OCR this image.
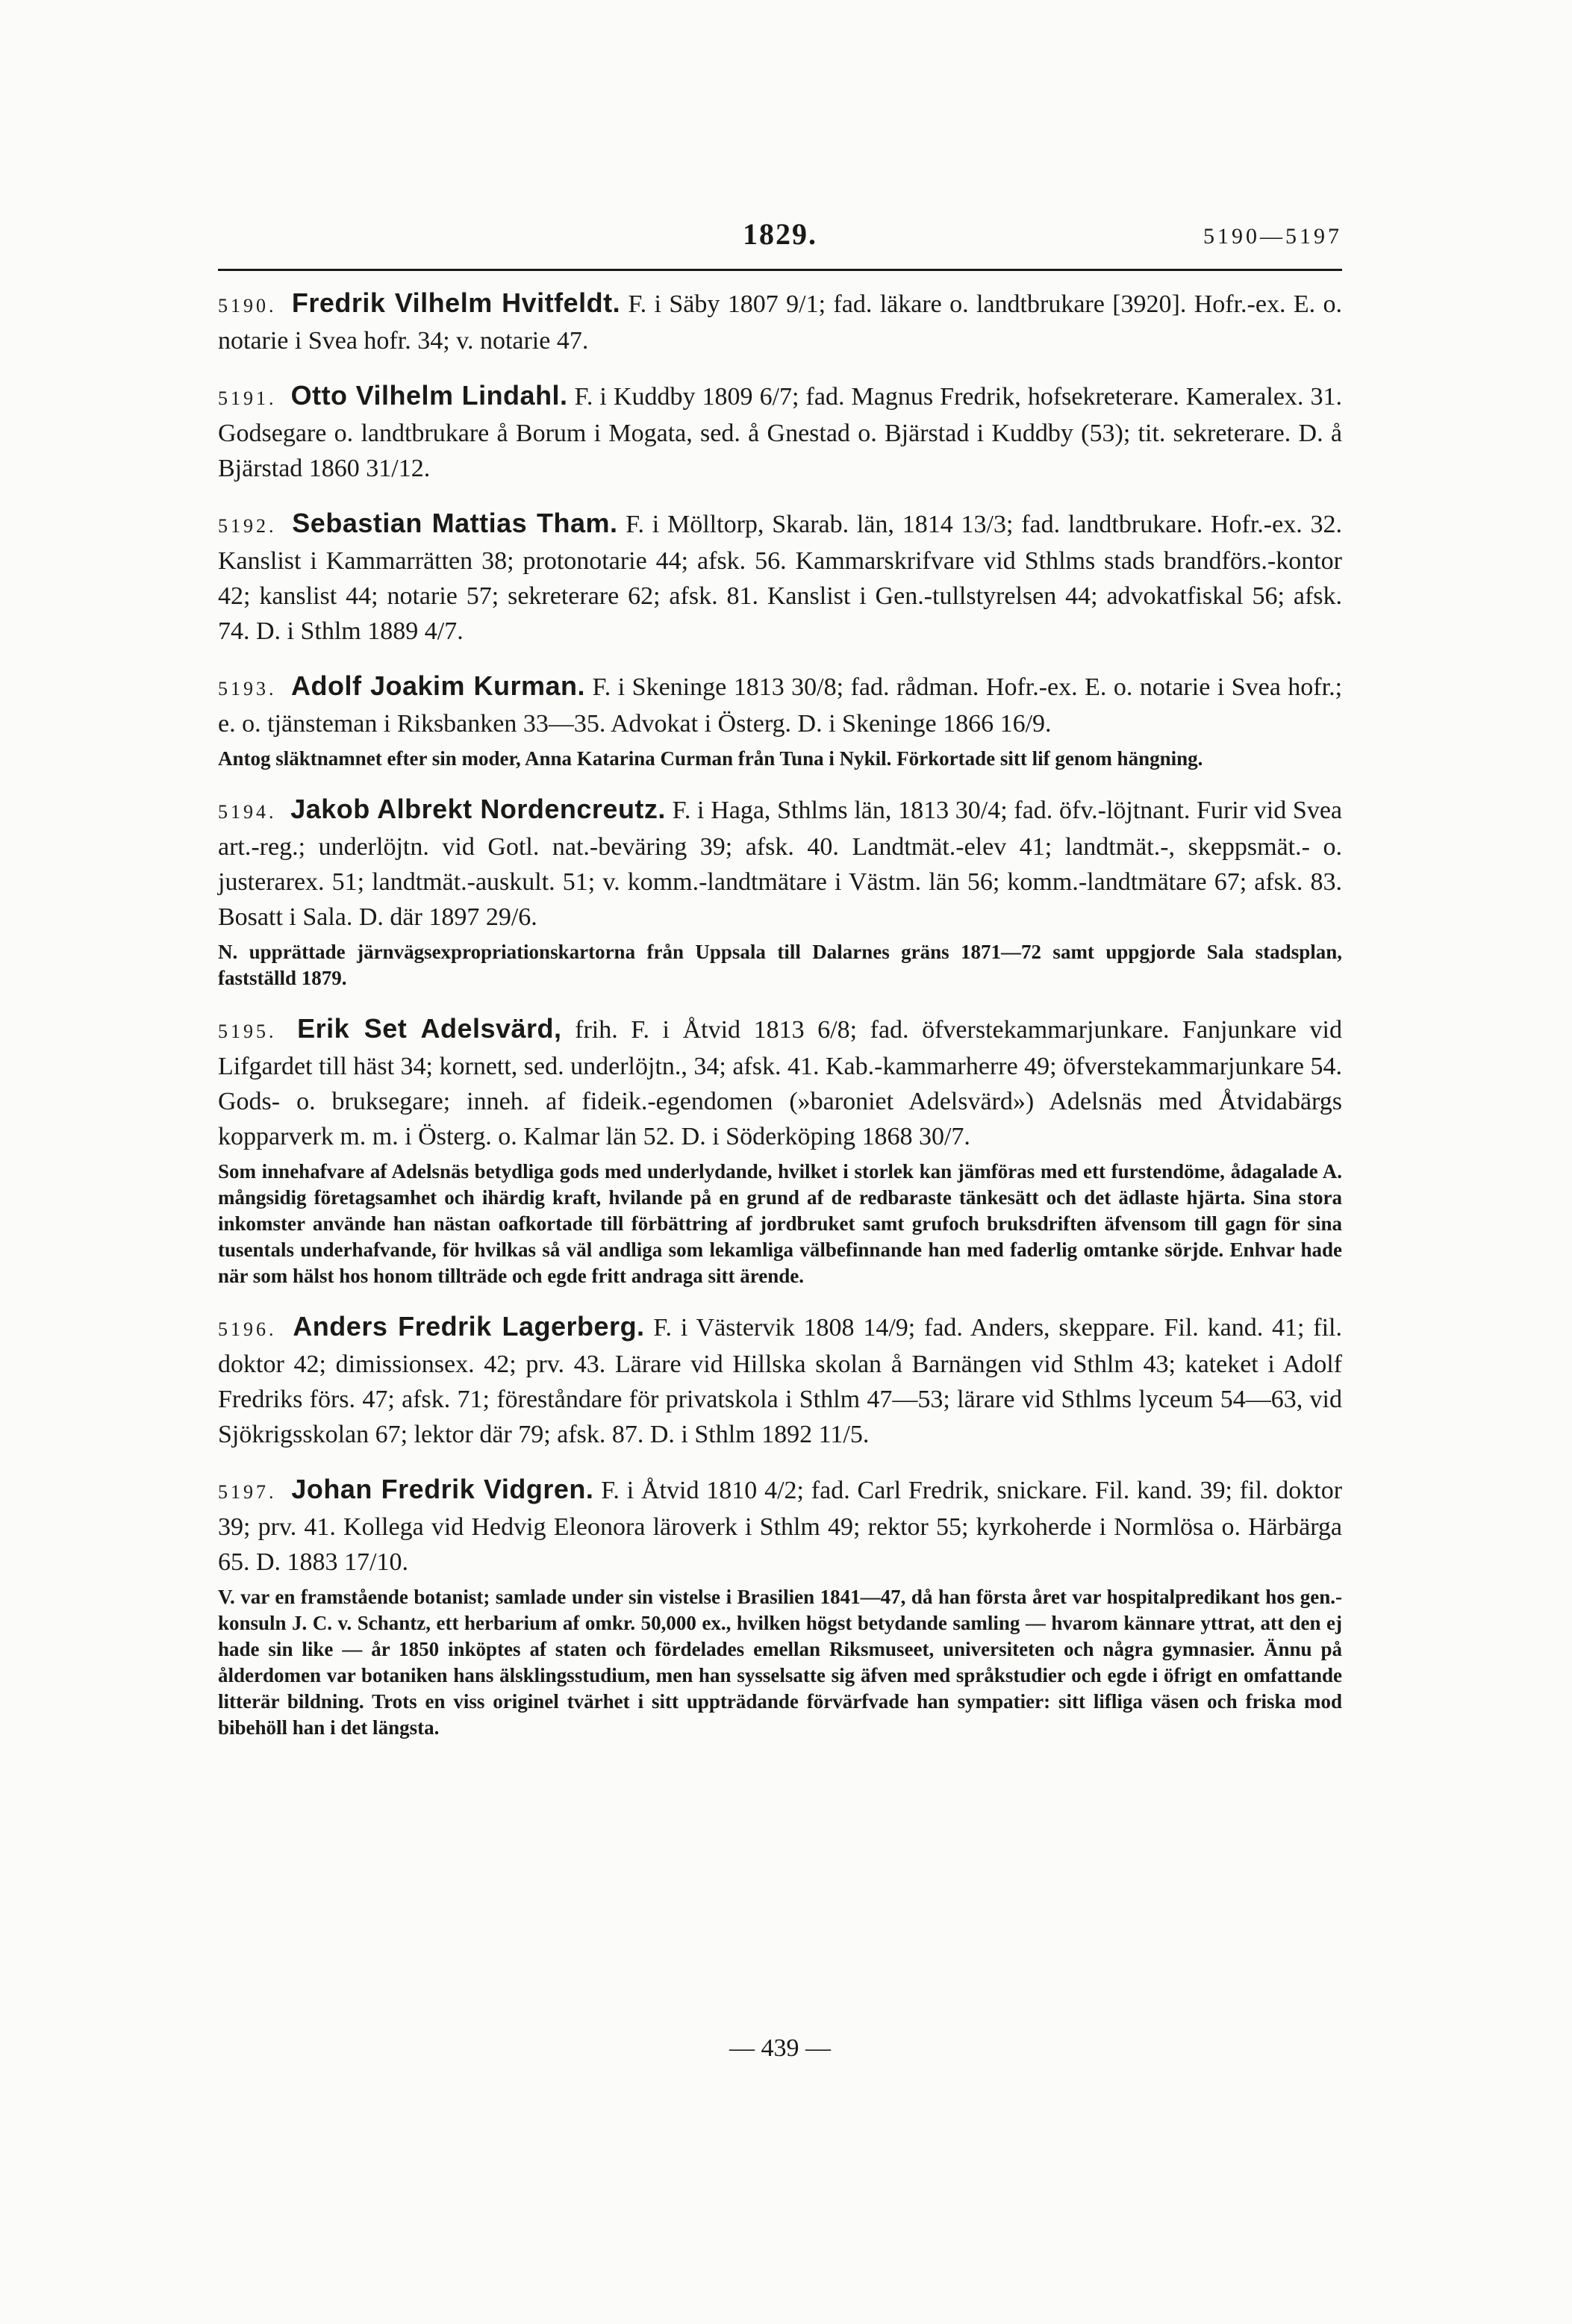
1829.	5190—5197

5190. Fredrik Vilhelm Hvitfeldt. F. i Säby 1807 9/1; fad. läkare o. landtbrukare [3920]. Hofr.-ex. E. o. notarie i Svea hofr. 34; v. notarie 47.

5191. Otto Vilhelm Lindahl. F. i Kuddby 1809 6/7; fad. Magnus Fredrik, hofsekreterare. Kameralex. 31. Godsegare o. landtbrukare å Borum i Mogata, sed. å Gnestad o. Bjärstad i Kuddby (53); tit. sekreterare. D. å Bjärstad 1860 31/12.

5192. Sebastian Mattias Tham. F. i Mölltorp, Skarab. län, 1814 13/3; fad. landtbrukare. Hofr.-ex. 32. Kanslist i Kammarrätten 38; protonotarie 44; afsk. 56. Kammarskrifvare vid Sthlms stads brandförs.-kontor 42; kanslist 44; notarie 57; sekreterare 62; afsk. 81. Kanslist i Gen.-tullstyrelsen 44; advokatfiskal 56; afsk. 74. D. i Sthlm 1889 4/7.

5193. Adolf Joakim Kurman. F. i Skeninge 1813 30/8; fad. rådman. Hofr.-ex. E. o. notarie i Svea hofr.; e. o. tjänsteman i Riksbanken 33—35. Advokat i Österg. D. i Skeninge 1866 16/9.

Antog släktnamnet efter sin moder, Anna Katarina Curman från Tuna i Nykil. Förkortade sitt lif genom hängning.

5194. Jakob Albrekt Nordencreutz. F. i Haga, Sthlms län, 1813 30/4; fad. öfv.-löjtnant. Furir vid Svea art.-reg.; underlöjtn. vid Gotl. nat.-beväring 39; afsk. 40. Landtmät.-elev 41; landtmät.-, skeppsmät.- o. justerarex. 51; landtmät.-auskult. 51; v. komm.-landtmätare i Västm. län 56; komm.-landtmätare 67; afsk. 83. Bosatt i Sala. D. där 1897 29/6.

N. upprättade järnvägsexpropriationskartorna från Uppsala till Dalarnes gräns 1871—72 samt uppgjorde Sala stadsplan, fastställd 1879.

5195. Erik Set Adelsvärd, frih. F. i Åtvid 1813 6/8; fad. öfverstekammarjunkare. Fanjunkare vid Lifgardet till häst 34; kornett, sed. underlöjtn., 34; afsk. 41. Kab.-kammarherre 49; öfverstekammarjunkare 54. Gods- o. bruksegare; inneh. af fideik.-egendomen (»baroniet Adelsvärd») Adelsnäs med Åtvidabärgs kopparverk m. m. i Österg. o. Kalmar län 52. D. i Söderköping 1868 30/7.

Som innehafvare af Adelsnäs betydliga gods med underlydande, hvilket i storlek kan jämföras med ett furstendöme, ådagalade A. mångsidig företagsamhet och ihärdig kraft, hvilande på en grund af de redbaraste tänkesätt och det ädlaste hjärta. Sina stora inkomster använde han nästan oafkortade till förbättring af jordbruket samt grufoch bruksdriften äfvensom till gagn för sina tusentals underhafvande, för hvilkas så väl andliga som lekamliga välbefinnande han med faderlig omtanke sörjde. Enhvar hade när som hälst hos honom tillträde och egde fritt andraga sitt ärende.

5196. Anders Fredrik Lagerberg. F. i Västervik 1808 14/9; fad. Anders, skeppare. Fil. kand. 41; fil. doktor 42; dimissionsex. 42; prv. 43. Lärare vid Hillska skolan å Barnängen vid Sthlm 43; kateket i Adolf Fredriks förs. 47; afsk. 71; föreståndare för privatskola i Sthlm 47—53; lärare vid Sthlms lyceum 54—63, vid Sjökrigsskolan 67; lektor där 79; afsk. 87. D. i Sthlm 1892 11/5.

5197. Johan Fredrik Vidgren. F. i Åtvid 1810 4/2; fad. Carl Fredrik, snickare. Fil. kand. 39; fil. doktor 39; prv. 41. Kollega vid Hedvig Eleonora läroverk i Sthlm 49; rektor 55; kyrkoherde i Normlösa o. Härbärga 65. D. 1883 17/10.

V. var en framstående botanist; samlade under sin vistelse i Brasilien 1841—47, då han första året var hospitalpredikant hos gen.-konsuln J. C. v. Schantz, ett herbarium af omkr. 50,000 ex., hvilken högst betydande samling — hvarom kännare yttrat, att den ej hade sin like — år 1850 inköptes af staten och fördelades emellan Riksmuseet, universiteten och några gymnasier. Ännu på ålderdomen var botaniken hans älsklingsstudium, men han sysselsatte sig äfven med språkstudier och egde i öfrigt en omfattande litterär bildning. Trots en viss originel tvärhet i sitt uppträdande förvärfvade han sympatier: sitt lifliga väsen och friska mod bibehöll han i det längsta.

— 439 —
